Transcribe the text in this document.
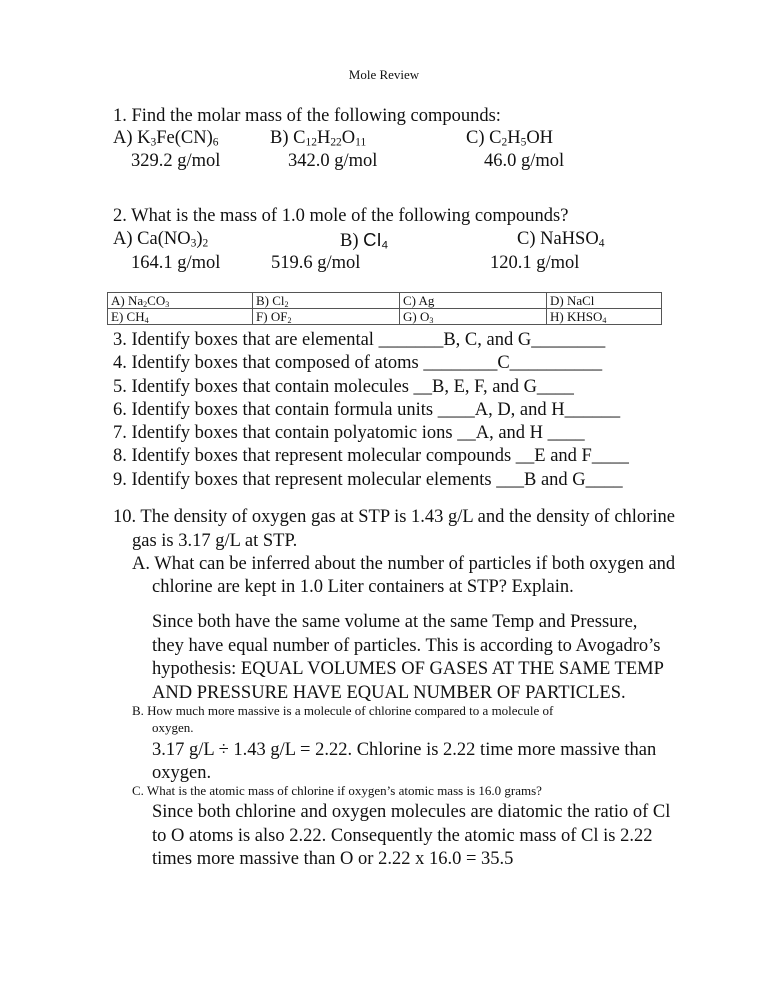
Mole Review
1. Find the molar mass of the following compounds:
A) $K_3Fe(CN)_6$	B) $C_{12}H_{22}O_{11}$	C) $C_2H_5OH$
329.2 g/mol	342.0 g/mol	46.0 g/mol
2. What is the mass of 1.0 mole of the following compounds?
A) $Ca(NO_3)_2$	B) $CI_4$	C) NaHSO$_4$
164.1 g/mol	519.6 g/mol	120.1 g/mol
A) $Na_2CO_3$	B) $Cl_2$	C) Ag	D) NaCl
E) $CH_4$	F) $OF_2$	G) $O_3$	H) $KHSO_4$
3. Identify boxes that are elemental _______B, C, and G________
4. Identify boxes that composed of atoms ________C__________
5. Identify boxes that contain molecules __B, E, F, and G____
6. Identify boxes that contain formula units ____A, D, and H______
7. Identify boxes that contain polyatomic ions __A, and H ____
8. Identify boxes that represent molecular compounds __E and F____
9. Identify boxes that represent molecular elements ___B and G____
10. The density of oxygen gas at STP is 1.43 g/L and the density of chlorine
gas is 3.17 g/L at STP.
A. What can be inferred about the number of particles if both oxygen and
chlorine are kept in 1.0 Liter containers at STP? Explain.
Since both have the same volume at the same Temp and Pressure,
they have equal number of particles. This is according to Avogadro’s
hypothesis: EQUAL VOLUMES OF GASES AT THE SAME TEMP
AND PRESSURE HAVE EQUAL NUMBER OF PARTICLES.
B. How much more massive is a molecule of chlorine compared to a molecule of
oxygen.
3.17 g/L ÷ 1.43 g/L = 2.22. Chlorine is 2.22 time more massive than
oxygen.
C. What is the atomic mass of chlorine if oxygen’s atomic mass is 16.0 grams?
Since both chlorine and oxygen molecules are diatomic the ratio of Cl
to O atoms is also 2.22. Consequently the atomic mass of Cl is 2.22
times more massive than O or 2.22 x 16.0 = 35.5
